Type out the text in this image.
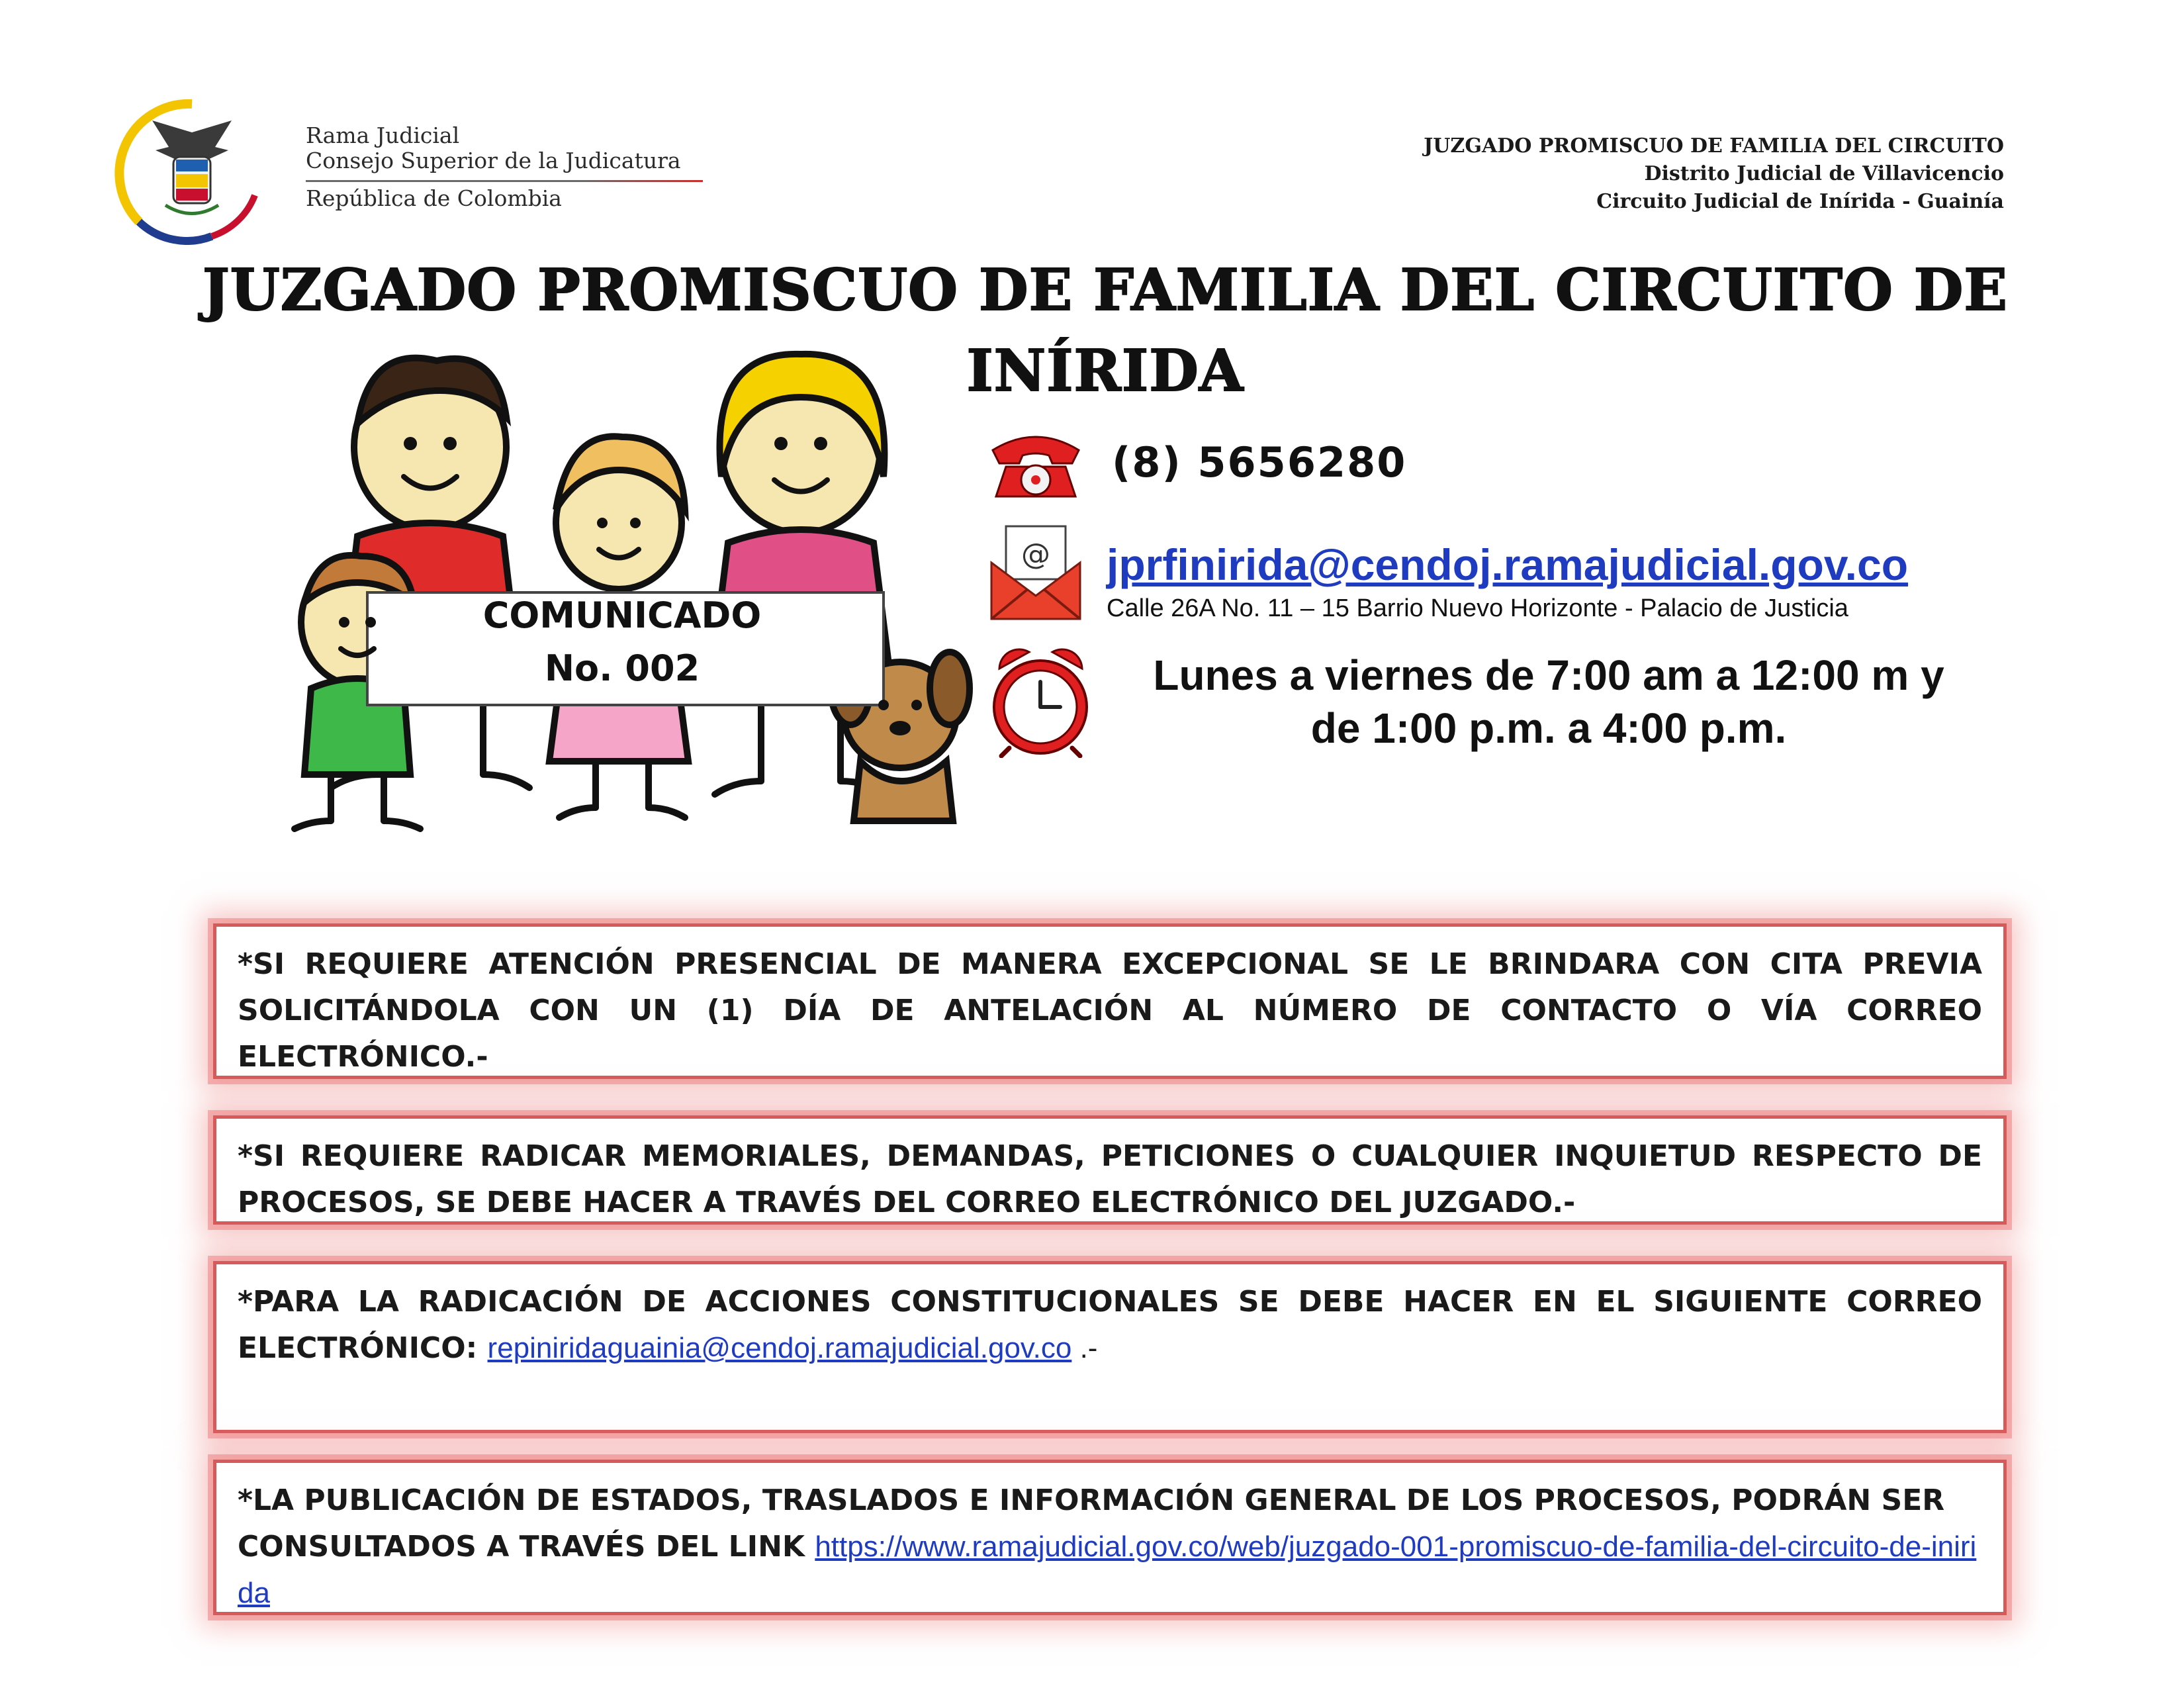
Rama Judicial
Consejo Superior de la Judicatura
República de Colombia
JUZGADO PROMISCUO DE FAMILIA DEL CIRCUITO
Distrito Judicial de Villavicencio
Circuito Judicial de Inírida - Guainía
JUZGADO PROMISCUO DE FAMILIA DEL CIRCUITO DE
INÍRIDA
COMUNICADO
No. 002
(8) 5656280
@ jprfinirida@cendoj.ramajudicial.gov.co
Calle 26A No. 11 – 15 Barrio Nuevo Horizonte - Palacio de Justicia
Lunes a viernes de 7:00 am a 12:00 m y
de 1:00 p.m. a 4:00 p.m.

*SI REQUIERE ATENCIÓN PRESENCIAL DE MANERA EXCEPCIONAL SE LE BRINDARA CON CITA PREVIA SOLICITÁNDOLA CON UN (1) DÍA DE ANTELACIÓN AL NÚMERO DE CONTACTO O VÍA CORREO ELECTRÓNICO.-

*SI REQUIERE RADICAR MEMORIALES, DEMANDAS, PETICIONES O CUALQUIER INQUIETUD RESPECTO DE PROCESOS, SE DEBE HACER A TRAVÉS DEL CORREO ELECTRÓNICO DEL JUZGADO.-

*PARA LA RADICACIÓN DE ACCIONES CONSTITUCIONALES SE DEBE HACER EN EL SIGUIENTE CORREO ELECTRÓNICO: repiniridaguainia@cendoj.ramajudicial.gov.co .-

*LA PUBLICACIÓN DE ESTADOS, TRASLADOS E INFORMACIÓN GENERAL DE LOS PROCESOS, PODRÁN SER CONSULTADOS A TRAVÉS DEL LINK https://www.ramajudicial.gov.co/web/juzgado-001-promiscuo-de-familia-del-circuito-de-inirida
